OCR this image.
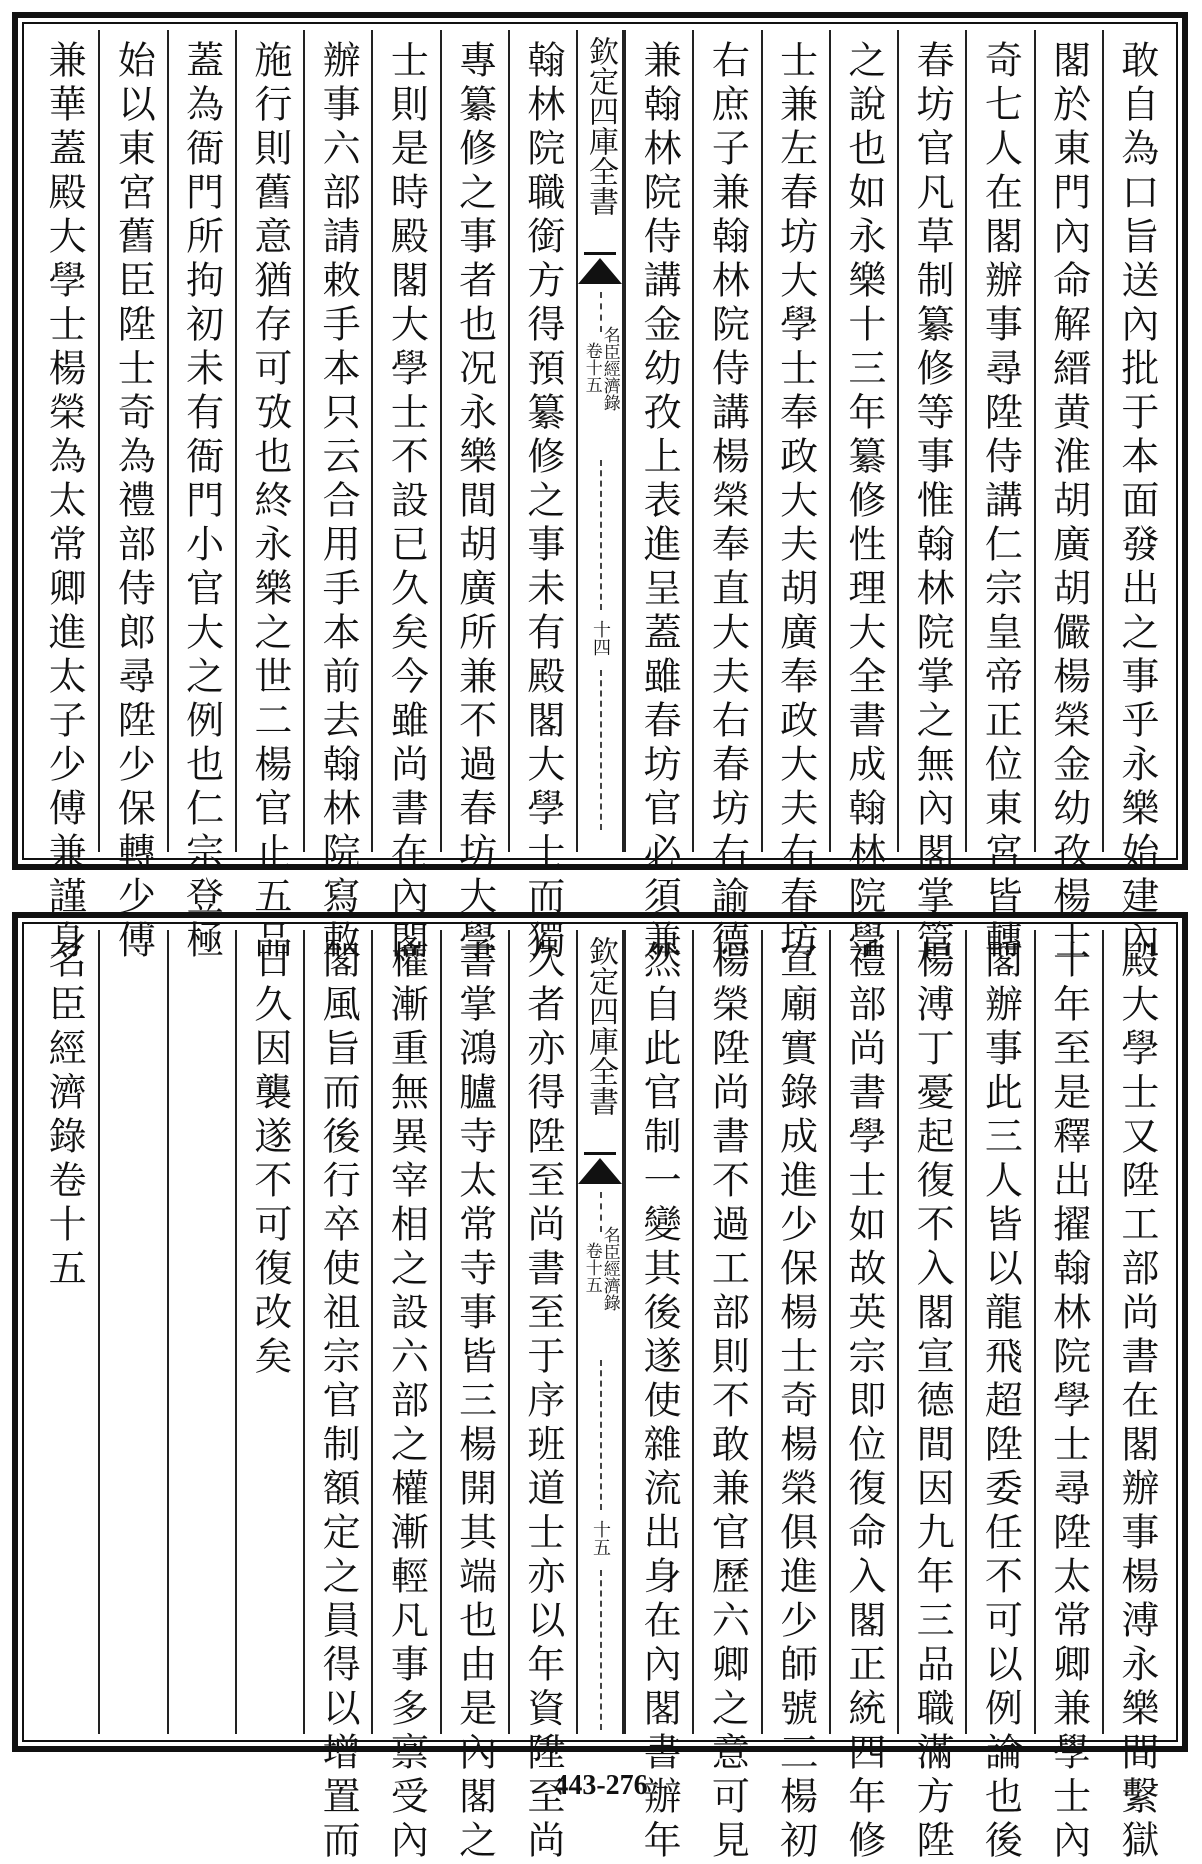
敢自為口旨送內批于本面發出之事乎永樂始建內
閣於東門內命解縉黄淮胡廣胡儼楊榮金幼孜楊士
奇七人在閣辦事尋陞侍講仁宗皇帝正位東宮皆轉
春坊官凡草制纂修等事惟翰林院掌之無內閣掌管
之說也如永樂十三年纂修性理大全書成翰林院學
士兼左春坊大學士奉政大夫胡廣奉政大夫右春坊
右庶子兼翰林院侍講楊榮奉直大夫右春坊右諭德
兼翰林院侍講金幼孜上表進呈蓋雖春坊官必須兼
欽定四庫全書
名臣經濟錄
卷十五
十四
翰林院職銜方得預纂修之事未有殿閣大學士而獨
專纂修之事者也况永樂間胡廣所兼不過春坊大學
士則是時殿閣大學士不設已久矣今雖尚書在內閣
辦事六部請敕手本只云合用手本前去翰林院寫敕
施行則舊意猶存可攷也終永樂之世二楊官止五品
蓋為衙門所拘初未有衙門小官大之例也仁宗登極
始以東宮舊臣陞士奇為禮部侍郎尋陞少保轉少傅
兼華蓋殿大學士楊榮為太常卿進太子少傅兼謹身
殿大學士又陞工部尚書在閣辦事楊溥永樂間繫獄
十年至是釋出擢翰林院學士尋陞太常卿兼學士內
閣辦事此三人皆以龍飛超陞委任不可以例論也後
楊溥丁憂起復不入閣宣德間因九年三品職滿方陞
禮部尚書學士如故英宗即位復命入閣正統四年修
宣廟實錄成進少保楊士奇楊榮俱進少師號三楊初
楊榮陞尚書不過工部則不敢兼官歷六卿之意可見
然自此官制一變其後遂使雜流出身在內閣書辦年
欽定四庫全書
名臣經濟錄
卷十五
十五
久者亦得陞至尚書至于序班道士亦以年資陞至尚
書掌鴻臚寺太常寺事皆三楊開其端也由是內閣之
權漸重無異宰相之設六部之權漸輕凡事多禀受內
閣風旨而後行卒使祖宗官制額定之員得以增置而
日久因襲遂不可復改矣
名臣經濟錄卷十五
443-276
